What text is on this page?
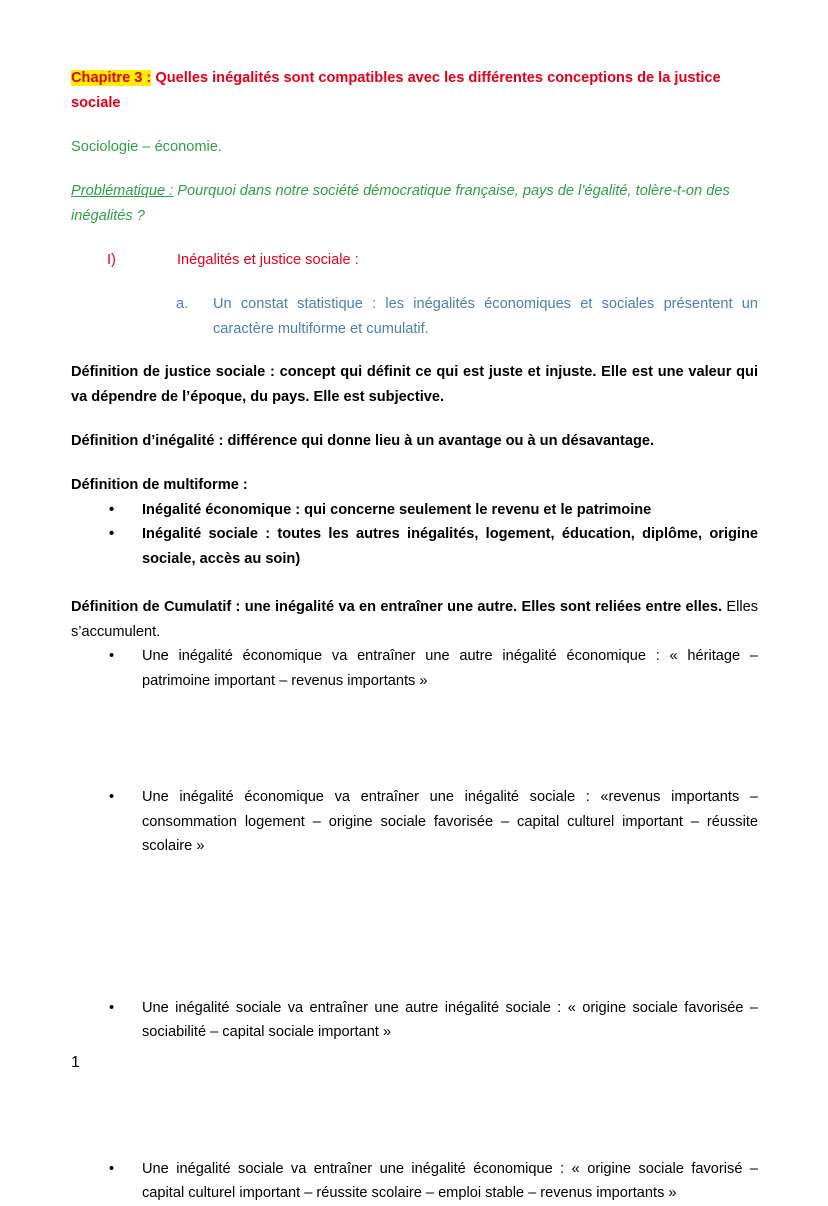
Chapitre 3 : Quelles inégalités sont compatibles avec les différentes conceptions de la justice sociale

Sociologie – économie.

Problématique : Pourquoi dans notre société démocratique française, pays de l’égalité, tolère-t-on des inégalités ?

I)	Inégalités et justice sociale :

a. Un constat statistique : les inégalités économiques et sociales présentent un caractère multiforme et cumulatif.

Définition de justice sociale : concept qui définit ce qui est juste et injuste. Elle est une valeur qui va dépendre de l’époque, du pays. Elle est subjective.

Définition d’inégalité : différence qui donne lieu à un avantage ou à un désavantage.

Définition de multiforme :

• Inégalité économique : qui concerne seulement le revenu et le patrimoine

• Inégalité sociale : toutes les autres inégalités, logement, éducation, diplôme, origine sociale, accès au soin)

Définition de Cumulatif : une inégalité va en entraîner une autre. Elles sont reliées entre elles. Elles s’accumulent.

• Une inégalité économique va entraîner une autre inégalité économique : « héritage – patrimoine important – revenus importants »

• Une inégalité économique va entraîner une inégalité sociale : «revenus importants – consommation logement – origine sociale favorisée – capital culturel important – réussite scolaire »

• Une inégalité sociale va entraîner une autre inégalité sociale : « origine sociale favorisée – sociabilité – capital sociale important »

• Une inégalité sociale va entraîner une inégalité économique : « origine sociale favorisé – capital culturel important – réussite scolaire – emploi stable – revenus importants »

1
